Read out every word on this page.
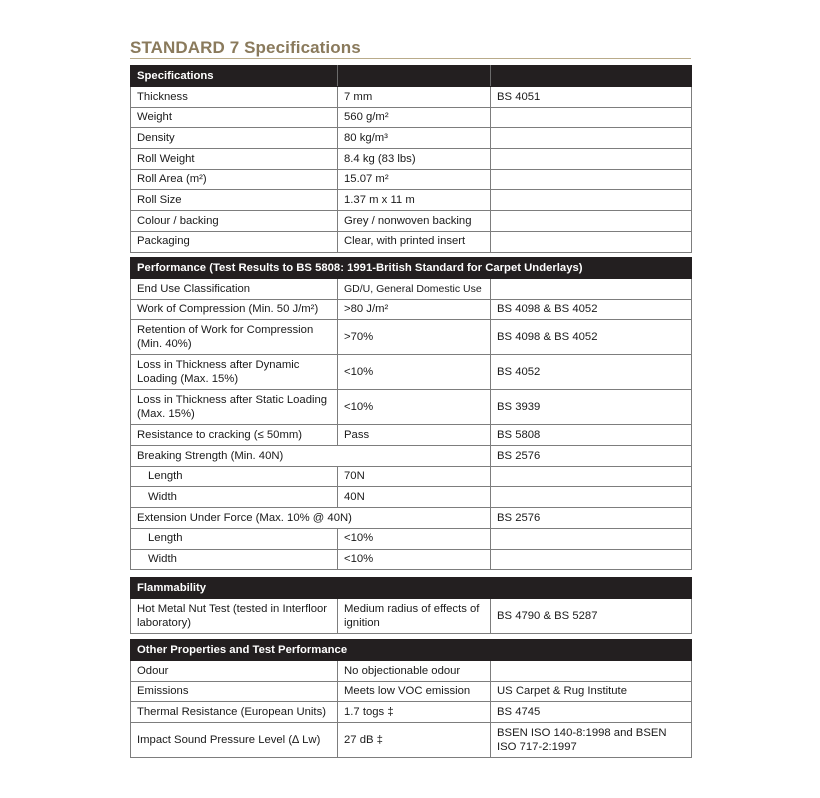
STANDARD 7 Specifications
Specifications		
Thickness	7 mm	BS 4051
Weight	560 g/m²	
Density	80 kg/m³	
Roll Weight	8.4 kg (83 lbs)	
Roll Area (m²)	15.07 m²	
Roll Size	1.37 m x 11 m	
Colour / backing	Grey / nonwoven backing	
Packaging	Clear, with printed insert	
Performance (Test Results to BS 5808: 1991-British Standard for Carpet Underlays)		
End Use Classification	GD/U, General Domestic Use	
Work of Compression (Min. 50 J/m²)	>80 J/m²	BS 4098 & BS 4052
Retention of Work for Compression (Min. 40%)	>70%	BS 4098 & BS 4052
Loss in Thickness after Dynamic Loading (Max. 15%)	<10%	BS 4052
Loss in Thickness after Static Loading (Max. 15%)	<10%	BS 3939
Resistance to cracking (≤ 50mm)	Pass	BS 5808
Breaking Strength (Min. 40N)		BS 2576
Length	70N	
Width	40N	
Extension Under Force (Max. 10% @ 40N)		BS 2576
Length	<10%	
Width	<10%	
Flammability
Hot Metal Nut Test (tested in Interfloor laboratory)	Medium radius of effects of ignition	BS 4790 & BS 5287
Other Properties and Test Performance		
Odour	No objectionable odour	
Emissions	Meets low VOC emission	US Carpet & Rug Institute
Thermal Resistance (European Units)	1.7 togs ‡	BS 4745
Impact Sound Pressure Level (∆ Lw)	27 dB ‡	BSEN ISO 140-8:1998 and BSEN ISO 717-2:1997
